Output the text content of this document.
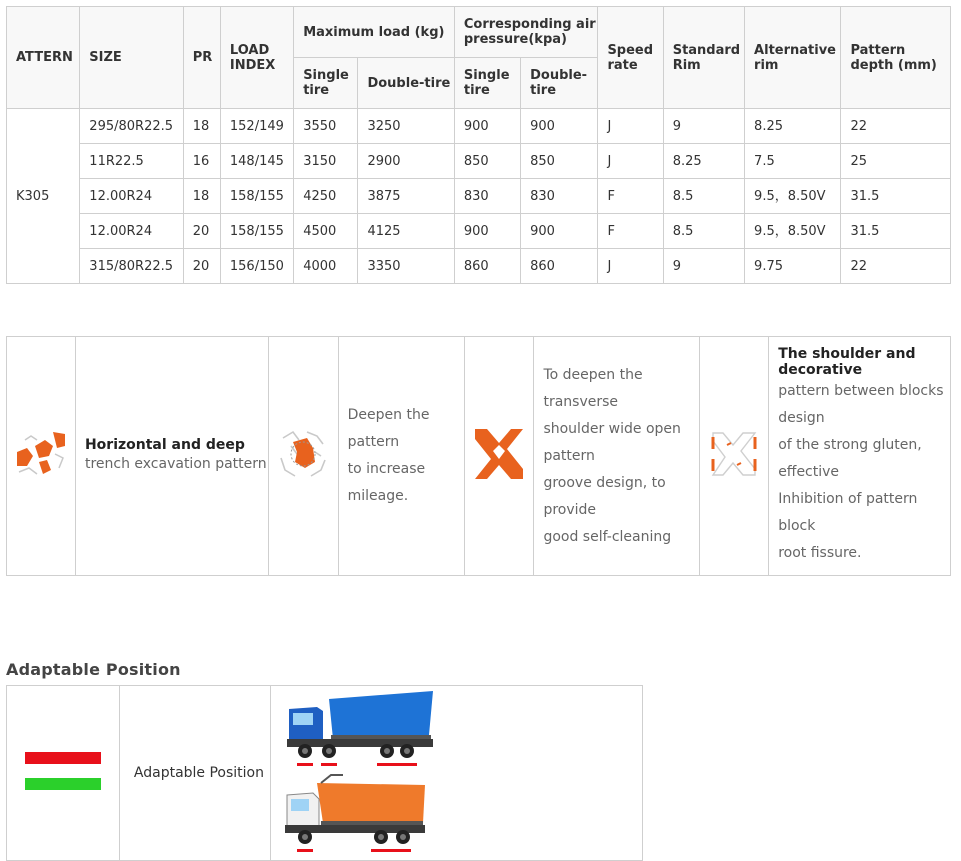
ATTERN	SIZE	PR	LOAD INDEX	Maximum load (kg)		Corresponding air pressure(kpa)		Speed rate	Standard Rim	Alternative rim	Pattern depth (mm)
				Single tire	Double-tire	Single tire	Double-tire				
K305	295/80R22.5	18	152/149	3550	3250	900	900	J	9	8.25	22
	11R22.5	16	148/145	3150	2900	850	850	J	8.25	7.5	25
	12.00R24	18	158/155	4250	3875	830	830	F	8.5	9.5，8.50V	31.5
	12.00R24	20	158/155	4500	4125	900	900	F	8.5	9.5，8.50V	31.5
	315/80R22.5	20	156/150	4000	3350	860	860	J	9	9.75	22

Horizontal and deep
trench excavation pattern

Deepen the
pattern
to increase
mileage.

To deepen the
transverse
shoulder wide open
pattern
groove design, to
provide
good self-cleaning

The shoulder and decorative
pattern between blocks
design
of the strong gluten,
effective
Inhibition of pattern
block
root fissure.
Adaptable Position
	Adaptable Position	
